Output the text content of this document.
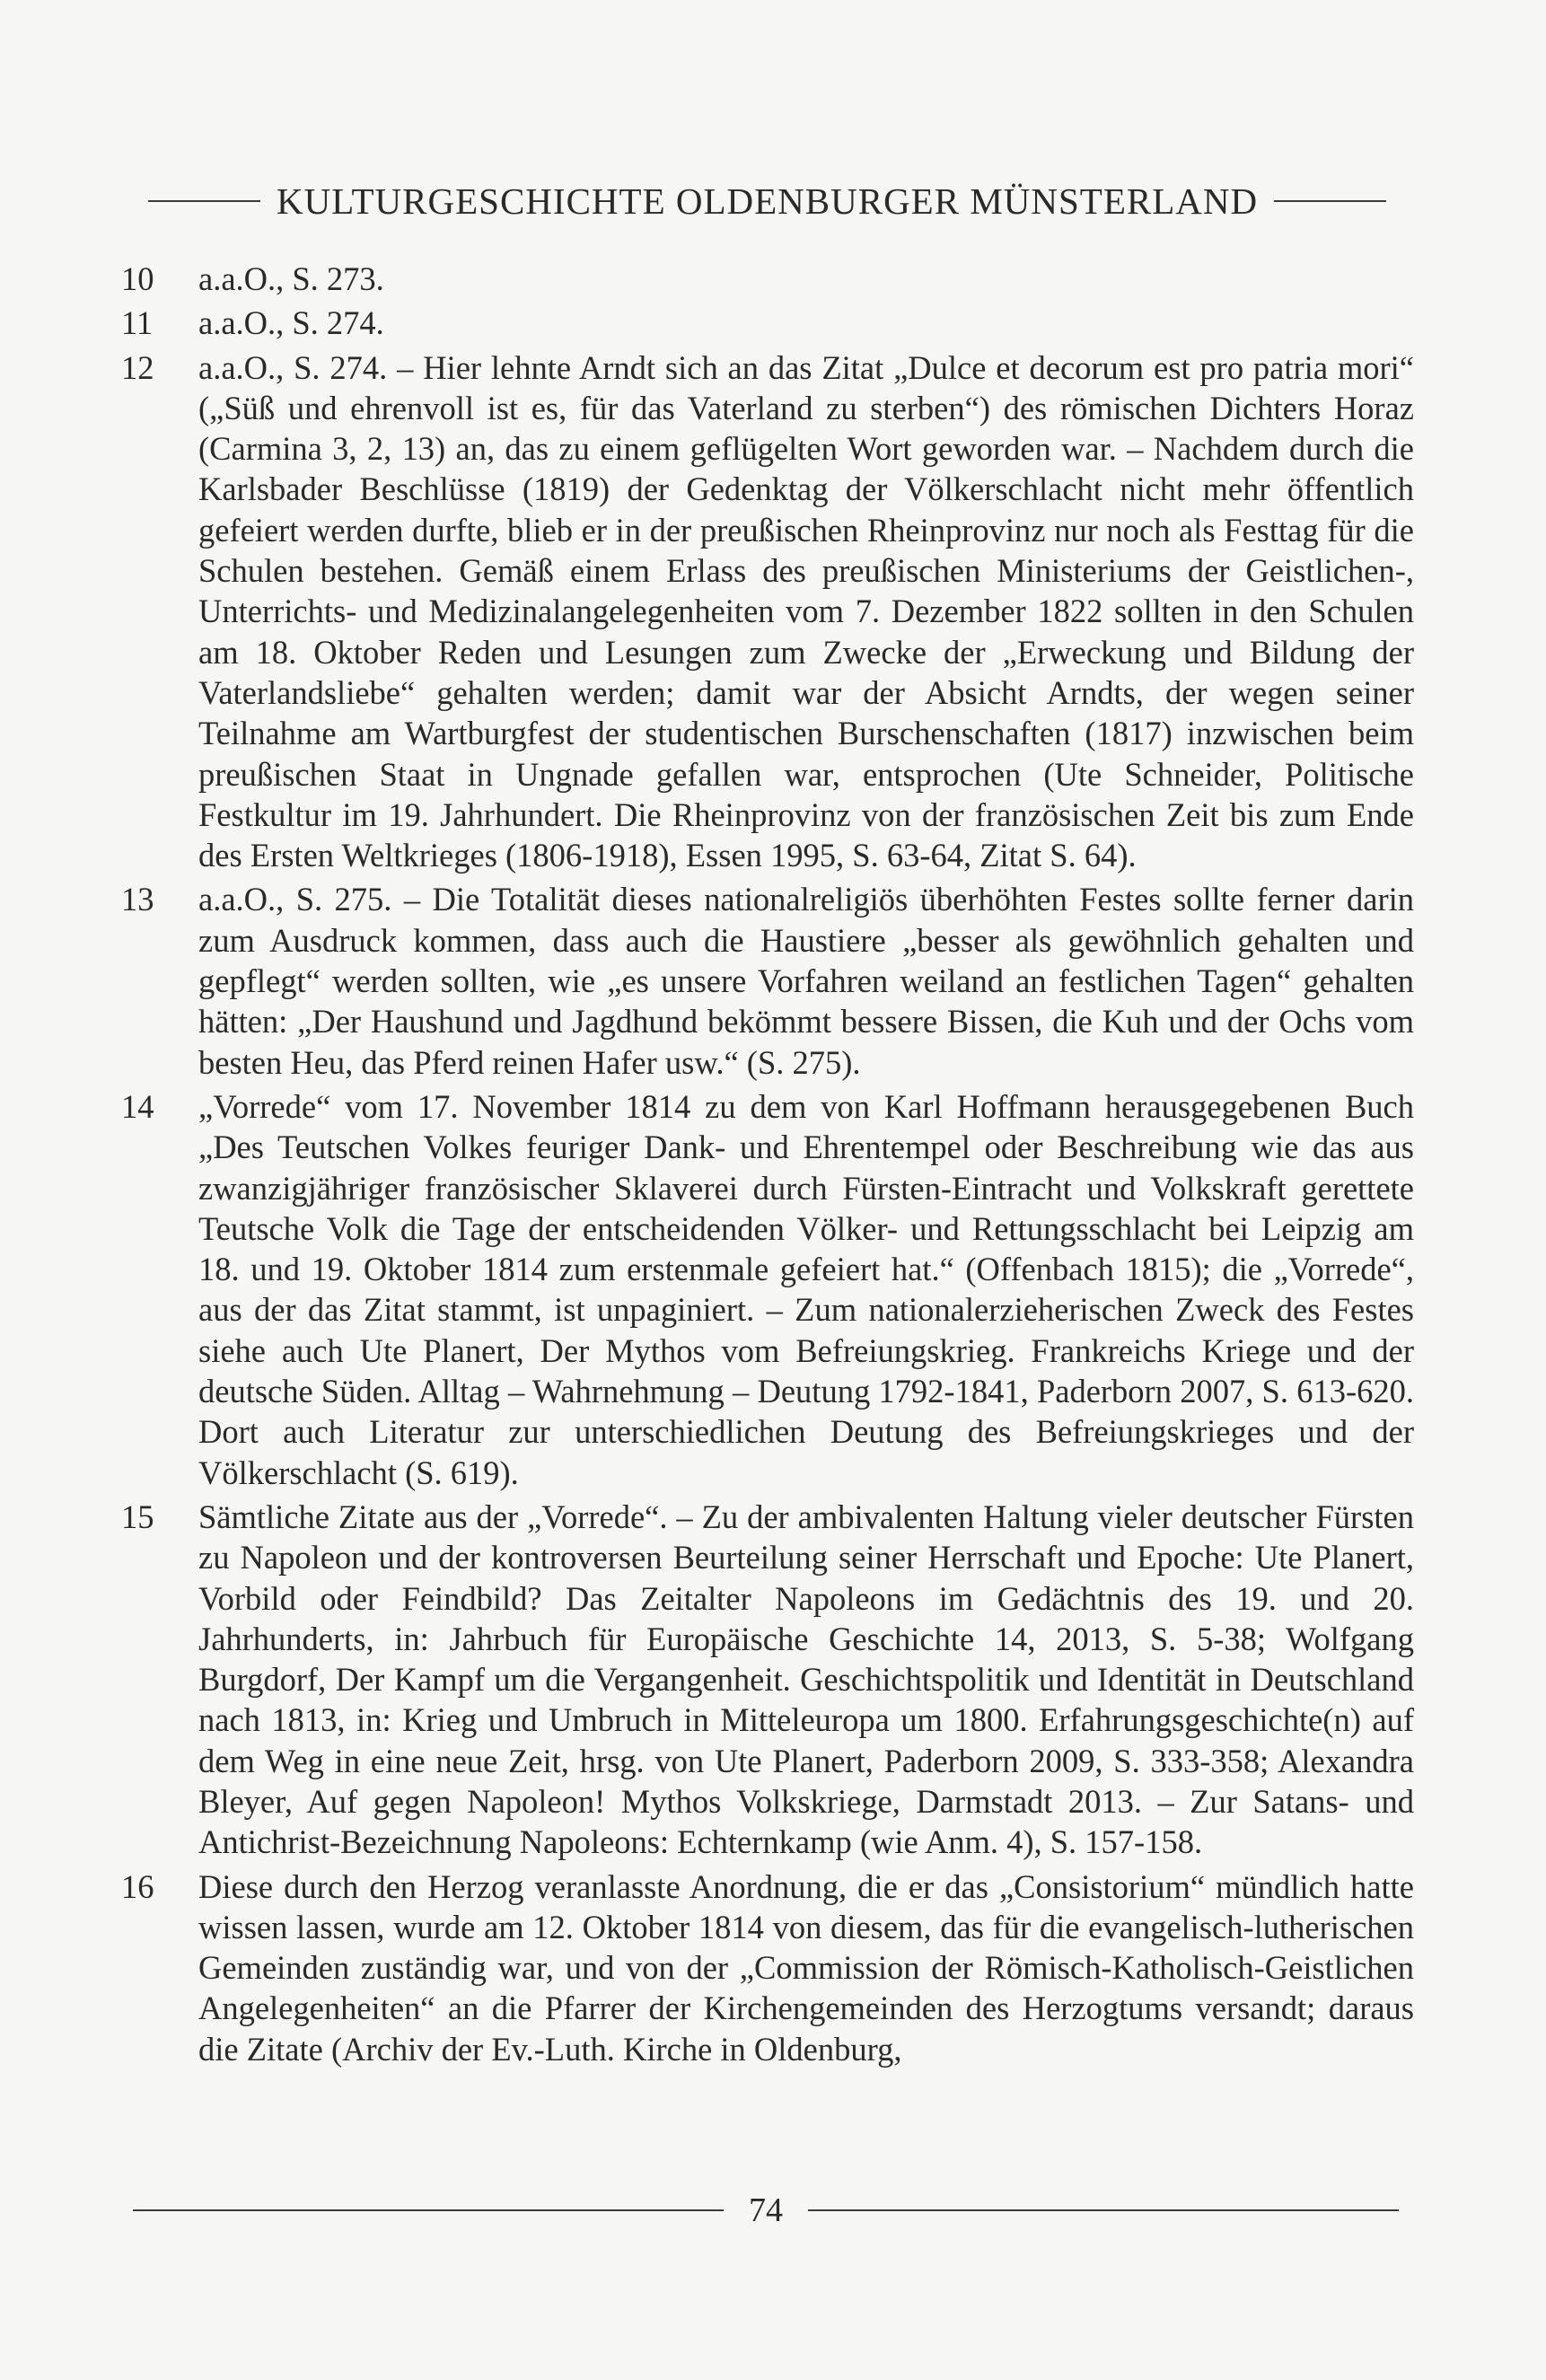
KULTURGESCHICHTE OLDENBURGER MÜNSTERLAND
10	a.a.O., S. 273.
11	a.a.O., S. 274.
12	a.a.O., S. 274. – Hier lehnte Arndt sich an das Zitat „Dulce et decorum est pro patria mori“ („Süß und ehrenvoll ist es, für das Vaterland zu sterben“) des römischen Dichters Horaz (Carmina 3, 2, 13) an, das zu einem geflügelten Wort geworden war. – Nachdem durch die Karlsbader Beschlüsse (1819) der Gedenktag der Völkerschlacht nicht mehr öffentlich gefeiert werden durfte, blieb er in der preußischen Rheinprovinz nur noch als Festtag für die Schulen bestehen. Gemäß einem Erlass des preußischen Ministeriums der Geistlichen-, Unterrichts- und Medizinalangelegenheiten vom 7. Dezember 1822 sollten in den Schulen am 18. Oktober Reden und Lesungen zum Zwecke der „Erweckung und Bildung der Vaterlandsliebe“ gehalten werden; damit war der Absicht Arndts, der wegen seiner Teilnahme am Wartburgfest der studentischen Burschenschaften (1817) inzwischen beim preußischen Staat in Ungnade gefallen war, entsprochen (Ute Schneider, Politische Festkultur im 19. Jahrhundert. Die Rheinprovinz von der französischen Zeit bis zum Ende des Ersten Weltkrieges (1806-1918), Essen 1995, S. 63-64, Zitat S. 64).
13	a.a.O., S. 275. – Die Totalität dieses nationalreligiös überhöhten Festes sollte ferner darin zum Ausdruck kommen, dass auch die Haustiere „besser als gewöhnlich gehalten und gepflegt“ werden sollten, wie „es unsere Vorfahren weiland an festlichen Tagen“ gehalten hätten: „Der Haushund und Jagdhund bekömmt bessere Bissen, die Kuh und der Ochs vom besten Heu, das Pferd reinen Hafer usw.“ (S. 275).
14	„Vorrede“ vom 17. November 1814 zu dem von Karl Hoffmann herausgegebenen Buch „Des Teutschen Volkes feuriger Dank- und Ehrentempel oder Beschreibung wie das aus zwanzigjähriger französischer Sklaverei durch Fürsten-Eintracht und Volkskraft gerettete Teutsche Volk die Tage der entscheidenden Völker- und Rettungsschlacht bei Leipzig am 18. und 19. Oktober 1814 zum erstenmale gefeiert hat.“ (Offenbach 1815); die „Vorrede“, aus der das Zitat stammt, ist unpaginiert. – Zum nationalerzieherischen Zweck des Festes siehe auch Ute Planert, Der Mythos vom Befreiungskrieg. Frankreichs Kriege und der deutsche Süden. Alltag – Wahrnehmung – Deutung 1792-1841, Paderborn 2007, S. 613-620. Dort auch Literatur zur unterschiedlichen Deutung des Befreiungskrieges und der Völkerschlacht (S. 619).
15	Sämtliche Zitate aus der „Vorrede“. – Zu der ambivalenten Haltung vieler deutscher Fürsten zu Napoleon und der kontroversen Beurteilung seiner Herrschaft und Epoche: Ute Planert, Vorbild oder Feindbild? Das Zeitalter Napoleons im Gedächtnis des 19. und 20. Jahrhunderts, in: Jahrbuch für Europäische Geschichte 14, 2013, S. 5-38; Wolfgang Burgdorf, Der Kampf um die Vergangenheit. Geschichtspolitik und Identität in Deutschland nach 1813, in: Krieg und Umbruch in Mitteleuropa um 1800. Erfahrungsgeschichte(n) auf dem Weg in eine neue Zeit, hrsg. von Ute Planert, Paderborn 2009, S. 333-358; Alexandra Bleyer, Auf gegen Napoleon! Mythos Volkskriege, Darmstadt 2013. – Zur Satans- und Antichrist-Bezeichnung Napoleons: Echternkamp (wie Anm. 4), S. 157-158.
16	Diese durch den Herzog veranlasste Anordnung, die er das „Consistorium“ mündlich hatte wissen lassen, wurde am 12. Oktober 1814 von diesem, das für die evangelisch-lutherischen Gemeinden zuständig war, und von der „Commission der Römisch-Katholisch-Geistlichen Angelegenheiten“ an die Pfarrer der Kirchengemeinden des Herzogtums versandt; daraus die Zitate (Archiv der Ev.-Luth. Kirche in Oldenburg,
74
